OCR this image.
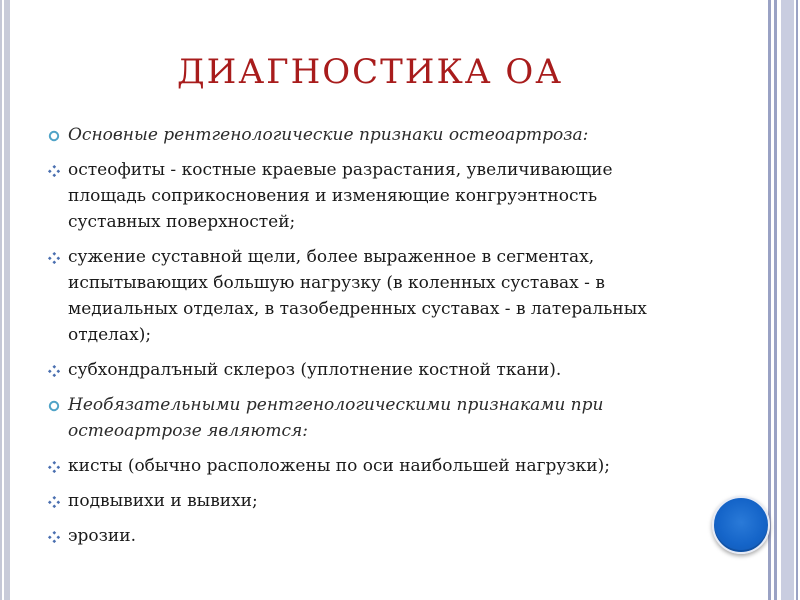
ДИАГНОСТИКА ОА
Основные рентгенологические признаки остеоартроза:
остеофиты - костные краевые разрастания, увеличивающие площадь соприкосновения и изменяющие конгруэнтность суставных поверхностей;
сужение суставной щели, более выраженное в сегментах, испытывающих большую нагрузку (в коленных суставах - в медиальных отделах, в тазобедренных суставах - в латеральных отделах);
субхондралъный склероз (уплотнение костной ткани).
Необязательными рентгенологическими признаками при остеоартрозе являются:
кисты (обычно расположены по оси наибольшей нагрузки);
подвывихи и вывихи;
эрозии.
